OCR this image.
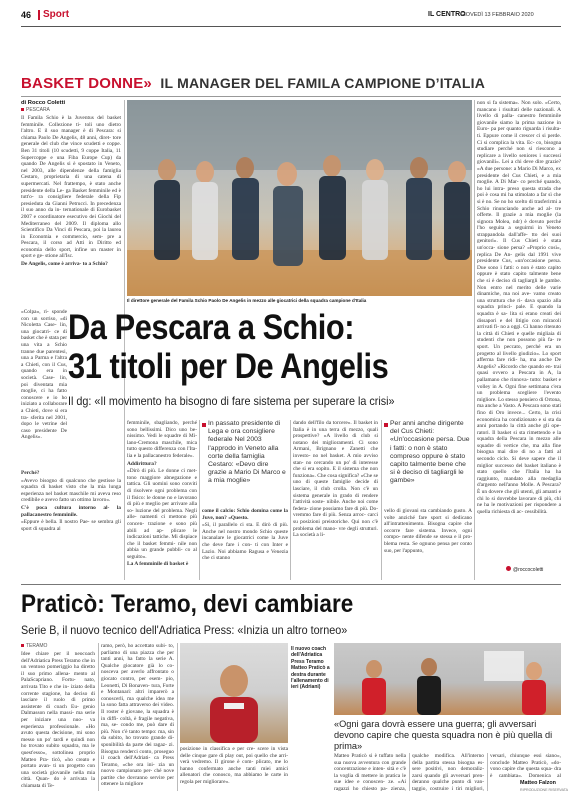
46 Sport	IL CENTRO
GIOVEDÌ 13 FEBBRAIO 2020
BASKET DONNE» IL MANAGER DEL FAMILA CAMPIONE D’ITALIA
di Rocco Coletti
PESCARA

Il Famila Schio è la Juventus del basket femminile. Collezione ti- toli uno dietro l'altro. E il suo manager è di Pescara: si chiama Paolo De Angelis, 48 anni, diret- tore generale del club che vince scudetti e coppe. Ben 31 titoli (10 scudetti, 9 coppe Italia, 11 Supercoppe e una Fiba Europe Cup) da quando De Angelis si è spostato in Veneto, nel 2003, alle dipendenze della famiglia Cestaro, proprietaria di una catena di supermercati. Nel frattempo, è stato anche presidente della Le- ga Basket femminile ed è tutt'o- ra consigliere federale della Fip presieduta da Gianni Petrucci. In precedenza il suo anno da in- ternationale di Eurobasket 2007 e coordinatore esecutivo dei Giochi del Mediterraneo del 2009. Il diploma allo Scientifico Da Vinci di Pescara, poi la laurea in Economia e commercio, sem- pre a Pescara, il corso ad Atti in Diritto ed economia dello sport, infine un master in sport e ge- stione all'Isc.

De Angelis, come è arriva- to a Schio?

«Colpa», ri- sponde con un sorriso, «di Nicoletta Case- lin, una giocatri- ce di basket che è stata per una vita a Schio tranne due parentesi, una a Parma e l'altra a Chieti, con il Cus, quando era in società. Case- lin, poi diventata mia moglie, ci ha fatto conoscere e io ho iniziato a collaborare a Chieti, dove si era tra- sferita nel 2001, dopo le vetrine del caso presidente De Angelis».

Perché?

«Avevo bisogno di qualcuno che gestisse la squadra di basket visto che la mia lunga esperienza nel basket maschile mi aveva reso credibile e avevo fatto un ottimo lavoro».

C'è poca cultura intorno al- la pallacanestro femminile.

«Eppure è bella. Il nostro Pae- se sembra gli sport di squadra al

Il direttore generale del Famila Schio Paolo De Angelis in mezzo alle giocatrici della squadra campione d'Italia
Da Pescara a Schio:
31 titoli per De Angelis
Il dg: «Il movimento ha bisogno di fare sistema per superare la crisi»

femminile, sbagliando, perché sono bellissimi. Dico uno be- nissimo. Vedi le squadre di Mi- lano-Cremona maschile, mica tutto questo differenza con l'Ita- lia e la pallacanestro federale».

Addirittura?

«Dirò di più. Le donne ci met- tono maggiore abnegazione e tattica. Gli uomini sono conviti di risolvere ogni problema con il fisico: le donne no e lavorano di più e meglio per arrivare alla so- luzione del problema. Negli alle- namenti ci mettono più concen- trazione e sono più abili ad ap- plicare le indicazioni tattiche. Mi dispiace che il basket femmi- nile non abbia un grande pubbli- co al seguito».

La A femminile di basket è

In passato presidente di Lega e ora consigliere federale Nel 2003 l'approdo in Veneto alla corte della famiglia Cestaro: «Devo dire grazie a Mario Di Marco e a mia moglie»

come il calcio: Schio domina come la Juve, non? «Questo.

«Sì, il parallelo ci sta. E dirò di più. Anche nel nostro mondo Schio queste incanalare le giocatrici come la Juve che deve fare i con- ti con Inter e Lazio. Noi abbiamo Ragusa e Venezia che ci stanno

dando dell'filo da torcere». Il basket in Italia è in una terra di mezzo, quali prospettive? «A livello di club si notano dei miglioramenti. Ci sono Armani, Brignano e Zanetti che investo- no nel basket. A mio avviso stan- no cercando un po' di interesse che si era sopito. E il sistema che non funziona». Che cosa significa? «Che se uno di queste famiglie decide di lasciare, il club crolla. Non c'è un sistema generale in grado di rendere l'attività soste- nibile. Anche noi come federa- zione possiamo fare di più. Do- vremmo fare di più. Senza arroc- carci su posizioni preistoriche. Qui non c'è problema del mano- vre degli strutturi. La società a li-

Per anni anche dirigente del Cus Chieti: «Un'occasione persa. Due i fatti: o non è stato compreso oppure è stato capito talmente bene che si è deciso di tagliargli le gambe»

vello di giovani sta cambiando gusto. A volte anziché fare sport si dedicano all'intrattenimento. Bisogna capire che occorre fare sistema. Invece, ogni compo- nente difende se stessa e il pro- blema resta. Se ognuno pensa per conto suo, per l'appunto,

non si fa sistema». Non solo. «Certo, mancano i risultati delle nazionali. A livello di palla- canestro femminile giovanile siamo la prima nazione in Euro- pa per quanto riguarda i risulta- ti. Eppure come il crescer ci si perde. Ci si complica la vita. Ec- co, bisogna studiare perché non si riescono a replicare a livello seniores i successi giovanili». Lei a chi deve dire grazie? «A due persone: a Mario Di Marco, ex presidente del Cus Chieti, e a mia moglie. A Di Mar- co perché quando, ho lui intra- preso questa strada che poi è cosa mi ha stimolato a far sì che si è no. Se no ho scelto di trasferirmi a Schio rinunciando anche ad al- tre offerte. Il grazie a mia moglie (la signora Molea, ndr) è dovuto perché l'ho seguita a seguirmi in Veneto strappandola dall'affe- tto dei suoi genitori». Il Cus Chieti è stata un'occa- sione persa? «Proprio così», replica De An- gelis dal 1991 vive presidente Cus, «un'occasione persa. Due sono i fatti: o non è stato capito oppure è stato capito talmente bene che si è deciso di tagliargli le gambe. Non entro nel merito delle varie dinamiche, ma noi ave- vamo creato una struttura che ri- dava spazio alla squadra princi- pale. E quando la squadra è sa- lita si erano creati dei dissapori e del litigio con miracoli arrivati fi- no a oggi. Ci hanno ritenuto la città di Chieti e quelle migliaia di studenti che non possono più fa- re sport. Un peccato, perché era un progetto al livello giudizio». Lo sport afferma fare ridi- ha, ma anche De Angelis? «Ricordo che quando en- trai quasi ovvero a Pescara in A, la pallamano che rinnova- tutto: basket e volley in A. Ogni fine settimana c'era un problema scegliere l'evento migliore. Lo stesso pensiero di Ortona, ma anche a Vasto. A Pescara sono stati fino di Oro invece... Certo, la crisi economica ha condizionato e si sta da anni portando la città anche gli ope- ratori. Il basket si sta rimettendo e la squadra della Pescara in mezzo alle squadre di vertice che, ma alla fine bisogna mai dire di no a fatti al secondo ciclo. Si deve sapere che il miglior successo del basket italiano è stato quello che l'Italia ha ha raggiunto, mandato alla medaglia d'argento nell'anno Molle. A Pescara? È un dovere che gli utenti, gli amanti e chi lo si dovrebbe lavorare di più, chi ne ha le motivazioni per rispondere a quella richiesta di ac- cessibilità.

@roccocoletti
Praticò: Teramo, devi cambiare
Serie B, il nuovo tecnico dell'Adriatica Press: «Inizia un altro torneo»
TERAMO

Idee chiare per il neocoach dell'Adriatica Press Teramo che in un ventoso pomeriggio ha diretto il suo primo allena- mento al PalaScapriano. Fortu- nato, arrivata Tito e che in- iziato della corrente stagione, ha deciso di lasciare il ruolo di primo assistente di coach Eu- genio Dalmasson nella massi- ma serie per iniziare una nuo- va esperienza professionale. «Ho avuto questa decisione, mi sono messo un po' tardi e quindi non ho trovato subito squadra, ma le quest'esso», sottolinea proprio Matteo Pra- ticò, «ho creato e portato avan- ti un progetto con una società giovanile nella mia città. Quan- do è arrivata la chiamata di Te-

ramo, però, ho accettato subi- to, parliamo di una piazza che per tanti anni, ha fatto la serie A. Qualche giocatore già lo co- nosceva per averlo affrontato o giocato contro, per esem- pio, Leonetti, Di Bonaven- tura, Forte e Montanari: altri imparerò a conoscerli, ma qualche idea me la sono fatta attraverso dei video. Il roster è giovane, la squadra è in diffi- coltà, è fragile negativa, ma, se- condo me, può dare di più. Non c'è tanto tempo: ma, sin da subito, ho trovato grande di- sponibilità da parte dei ragaz- zi. Bisogna renderci conto, proseguo il coach dell'Adriati- ca Press Teramo, «che ora ini- zia un nuovo campionato per- ché nove partite che dovranno servire per ottenere la migliore

posizione in classifica e per cre- scere in vista delle cinque gare di play out, poi quello che arri- verà vedremo. Il girone è com- plicato, me lo hanno confermato anche tanti miei amici allenatori che conosco, ma abbiamo le carte in regola per migliorare».

Il nuovo coach dell'Adriatica Press Teramo Matteo Praticò a destra durante l'allenamento di ieri (Adriani)
«Ogni gara dovrà essere una guerra; gli avversari devono capire che questa squadra non è più quella di prima»

Matteo Praticò si è tuffato nella sua nuova avventura con grande concentrazione e inten- sità e c'è la voglia di mettere in pratica le sue idee e conoscen- ze. «Ai ragazzi ho chiesto pa- zienza,

qualche modifica. All'interno della partita stessa bisogna es- sere positivi, non demoraliz- zarsi quando gli avversari pren- deranno qualche punto di van- taggio, costruire i tiri migliori,

versari, chiunque essi siano», conclude Matteo Praticò, «do- vono capire che questa squa- dra è cambiata». Domenica al

Matteo Falzon
RIPRODUZIONE RISERVATA
